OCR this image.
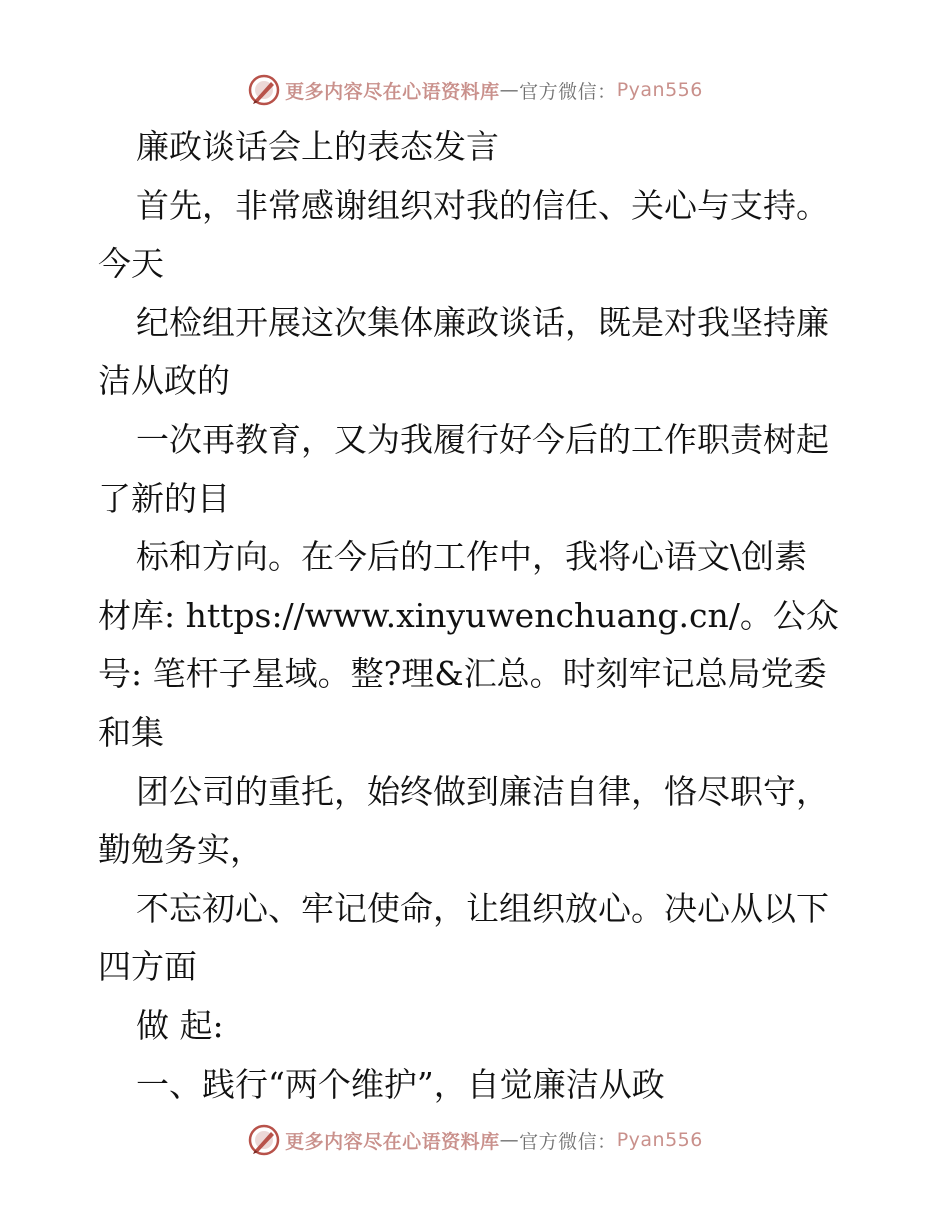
更多内容尽在心语资料库 — 官方微信： Pyan556
廉政谈话会上的表态发言
首先，非常感谢组织对我的信任、关心与支持。
今天
纪检组开展这次集体廉政谈话，既是对我坚持廉
洁从政的
一次再教育，又为我履行好今后的工作职责树起
了新的目
标和方向。在今后的工作中，我将心语文\创素
材库: https://www.xinyuwenchuang.cn/。公众
号: 笔杆子星域。整?理&汇总。时刻牢记总局党委
和集
团公司的重托，始终做到廉洁自律，恪尽职守，
勤勉务实，
不忘初心、牢记使命，让组织放心。决心从以下
四方面
做 起:
一、践行“两个维护”，自觉廉洁从政
更多内容尽在心语资料库 — 官方微信： Pyan556
